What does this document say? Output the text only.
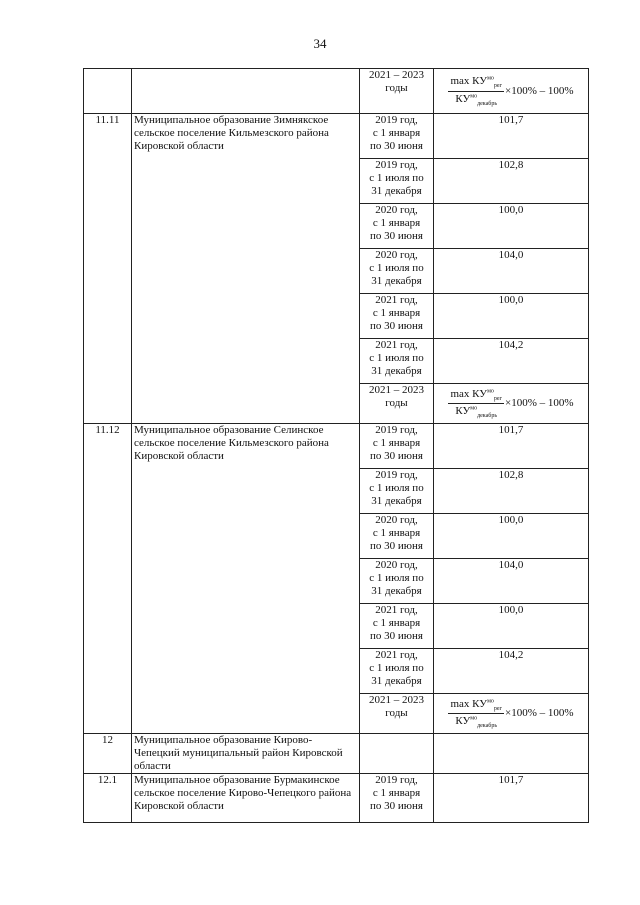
34

		2021 – 2023
годы	$\frac{\max КУ^{мо}_{рег}}{КУ^{мо}_{декабрь}} \times 100\% - 100\%$

11.11	Муниципальное образование Зимнякское сельское поселение Кильмезского района Кировской области	2019 год,
с 1 января
по 30 июня	101,7

		2019 год,
с 1 июля по
31 декабря	102,8

		2020 год,
с 1 января
по 30 июня	100,0

		2020 год,
с 1 июля по
31 декабря	104,0

		2021 год,
с 1 января
по 30 июня	100,0

		2021 год,
с 1 июля по
31 декабря	104,2

		2021 – 2023
годы	$\frac{\max КУ^{мо}_{рег}}{КУ^{мо}_{декабрь}} \times 100\% - 100\%$

11.12	Муниципальное образование Селинское сельское поселение Кильмезского района Кировской области	2019 год,
с 1 января
по 30 июня	101,7

		2019 год,
с 1 июля по
31 декабря	102,8

		2020 год,
с 1 января
по 30 июня	100,0

		2020 год,
с 1 июля по
31 декабря	104,0

		2021 год,
с 1 января
по 30 июня	100,0

		2021 год,
с 1 июля по
31 декабря	104,2

		2021 – 2023
годы	$\frac{\max КУ^{мо}_{рег}}{КУ^{мо}_{декабрь}} \times 100\% - 100\%$

12	Муниципальное образование Кирово-Чепецкий муниципальный район Кировской области		
12.1	Муниципальное образование Бурмакинское сельское поселение Кирово-Чепецкого района Кировской области	2019 год,
с 1 января
по 30 июня	101,7
